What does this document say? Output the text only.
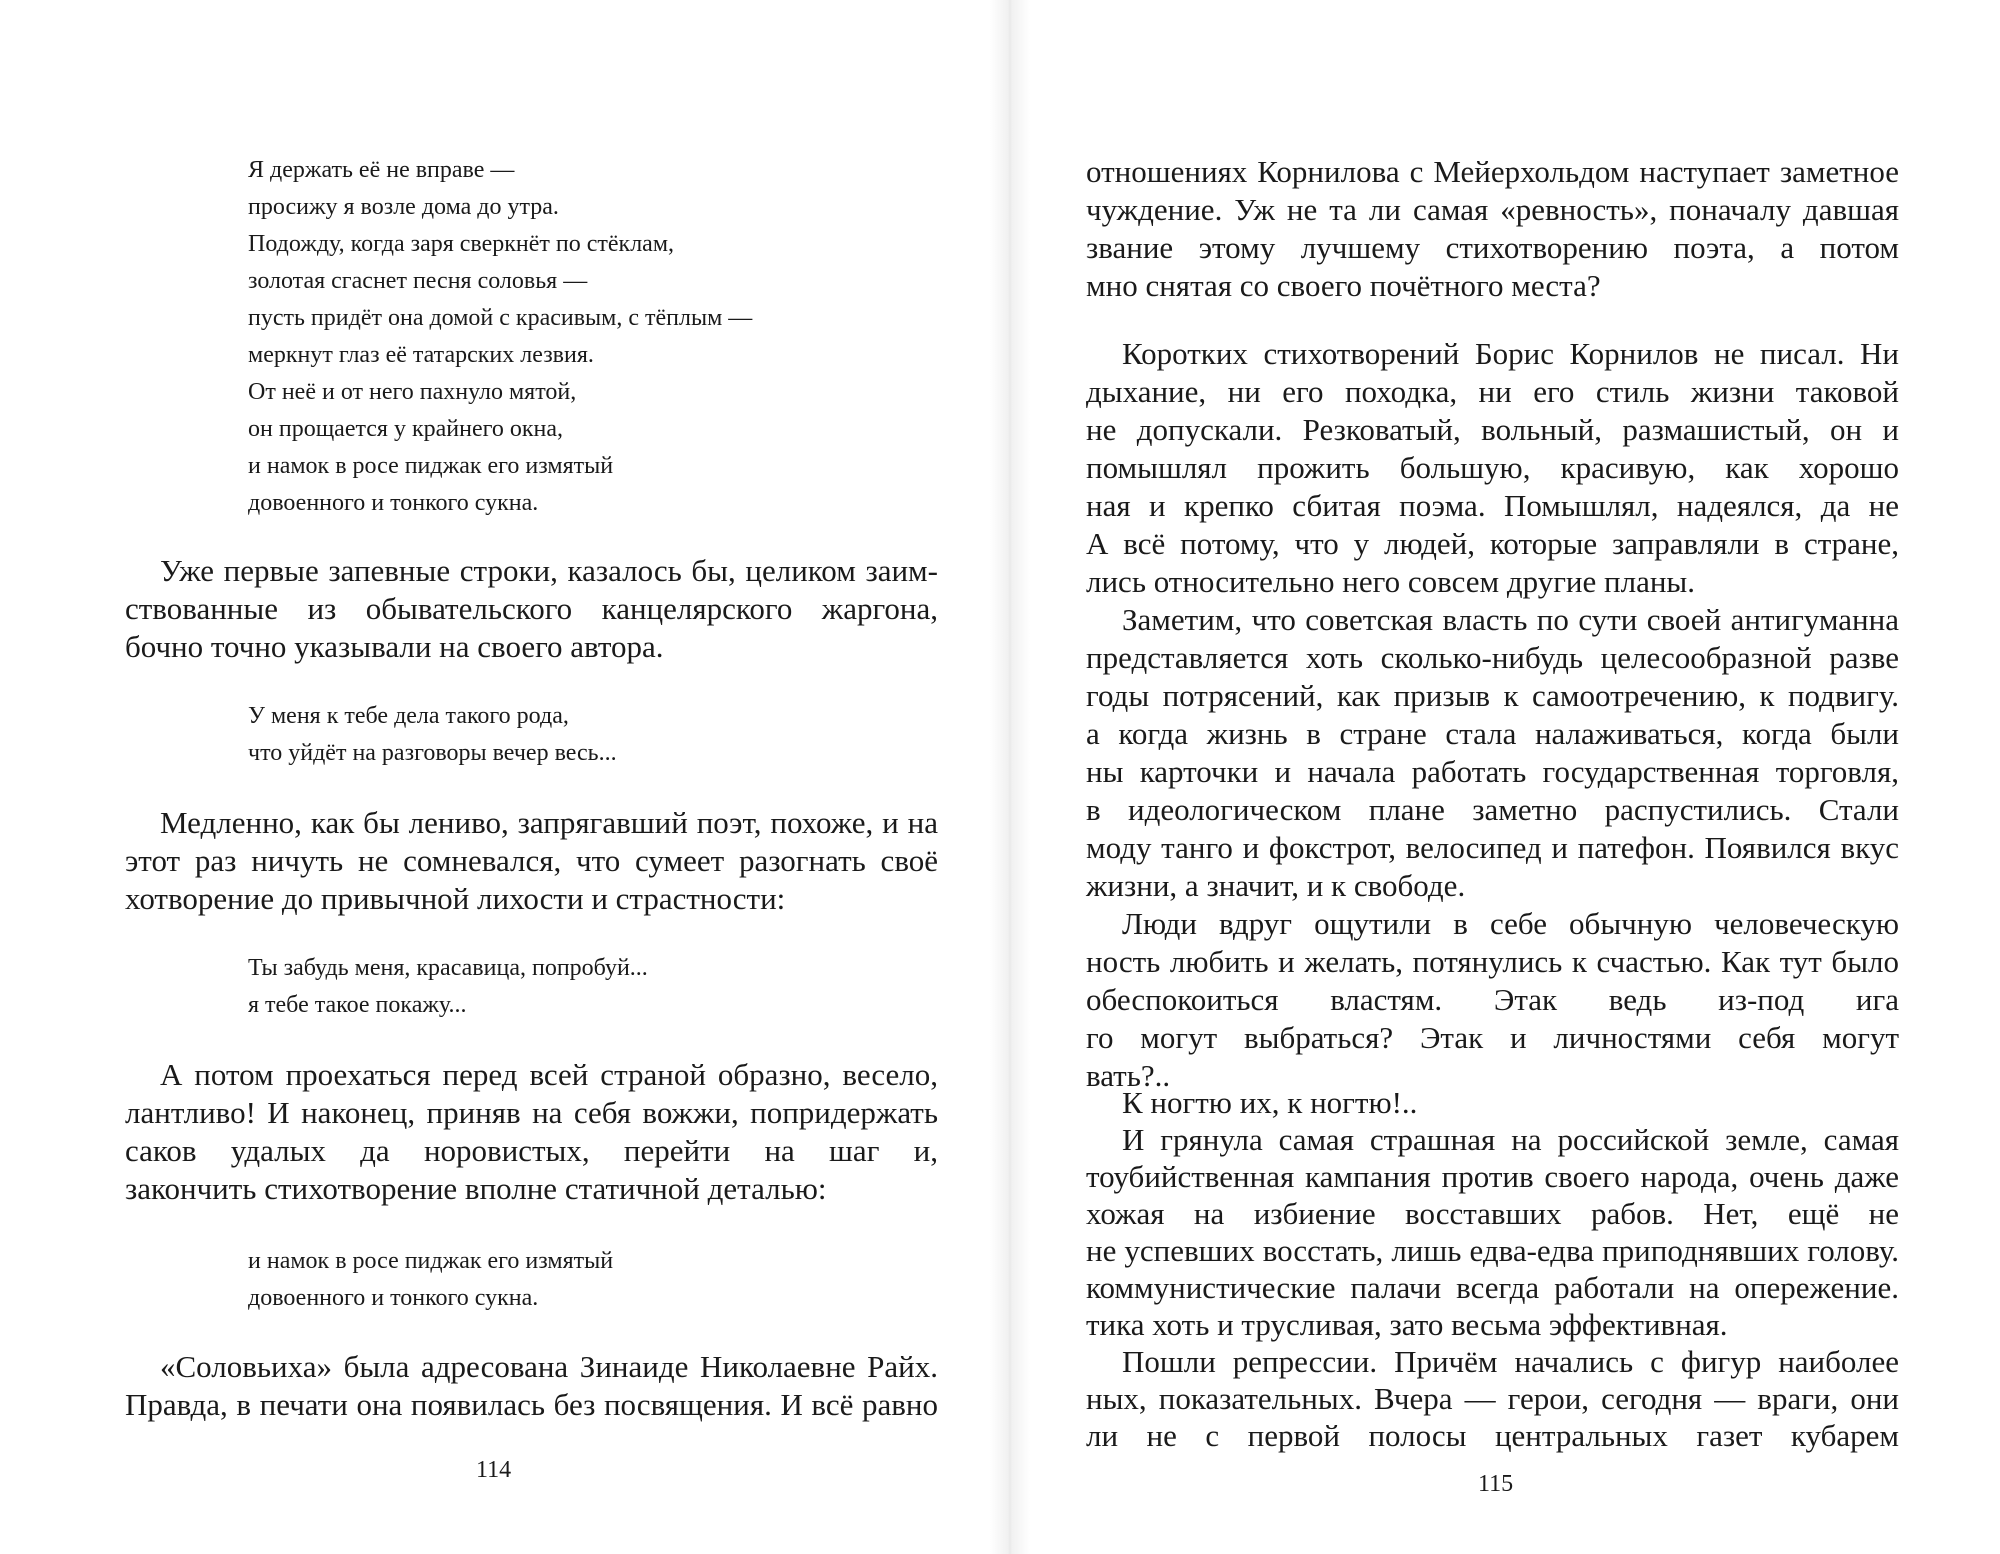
Я держать её не вправе —

просижу я возле дома до утра.

Подожду, когда заря сверкнёт по стёклам,

золотая сгаснет песня соловья —

пусть придёт она домой с красивым, с тёплым —

меркнут глаз её татарских лезвия.

От неё и от него пахнуло мятой,

он прощается у крайнего окна,

и намок в росе пиджак его измятый

довоенного и тонкого сукна.

Уже первые запевные строки, казалось бы, целиком заим-

ствованные из обывательского канцелярского жаргона,

бочно точно указывали на своего автора.

У меня к тебе дела такого рода,

что уйдёт на разговоры вечер весь...

Медленно, как бы лениво, запрягавший поэт, похоже, и на

этот раз ничуть не сомневался, что сумеет разогнать своё

хотворение до привычной лихости и страстности:

Ты забудь меня, красавица, попробуй...

я тебе такое покажу...

А потом проехаться перед всей страной образно, весело,

лантливо! И наконец, приняв на себя вожжи, попридержать

саков удалых да норовистых, перейти на шаг и,

закончить стихотворение вполне статичной деталью:

и намок в росе пиджак его измятый

довоенного и тонкого сукна.

«Соловьиха» была адресована Зинаиде Николаевне Райх.

Правда, в печати она появилась без посвящения. И всё равно

114

отношениях Корнилова с Мейерхольдом наступает заметное

чуждение. Уж не та ли самая «ревность», поначалу давшая

звание этому лучшему стихотворению поэта, а потом

мно снятая со своего почётного места?

Коротких стихотворений Борис Корнилов не писал. Ни

дыхание, ни его походка, ни его стиль жизни таковой

не допускали. Резковатый, вольный, размашистый, он и

помышлял прожить большую, красивую, как хорошо

ная и крепко сбитая поэма. Помышлял, надеялся, да не

А всё потому, что у людей, которые заправляли в стране,

лись относительно него совсем другие планы.

Заметим, что советская власть по сути своей антигуманна

представляется хоть сколько-нибудь целесообразной разве

годы потрясений, как призыв к самоотречению, к подвигу.

а когда жизнь в стране стала налаживаться, когда были

ны карточки и начала работать государственная торговля,

в идеологическом плане заметно распустились. Стали

моду танго и фокстрот, велосипед и патефон. Появился вкус

жизни, а значит, и к свободе.

Люди вдруг ощутили в себе обычную человеческую

ность любить и желать, потянулись к счастью. Как тут было

обеспокоиться властям. Этак ведь из-под ига

го могут выбраться? Этак и личностями себя могут

вать?..

К ногтю их, к ногтю!..

И грянула самая страшная на российской земле, самая

тоубийственная кампания против своего народа, очень даже

хожая на избиение восставших рабов. Нет, ещё не

не успевших восстать, лишь едва-едва приподнявших голову.

коммунистические палачи всегда работали на опережение.

тика хоть и трусливая, зато весьма эффективная.

Пошли репрессии. Причём начались с фигур наиболее

ных, показательных. Вчера — герои, сегодня — враги, они

ли не с первой полосы центральных газет кубарем

115
